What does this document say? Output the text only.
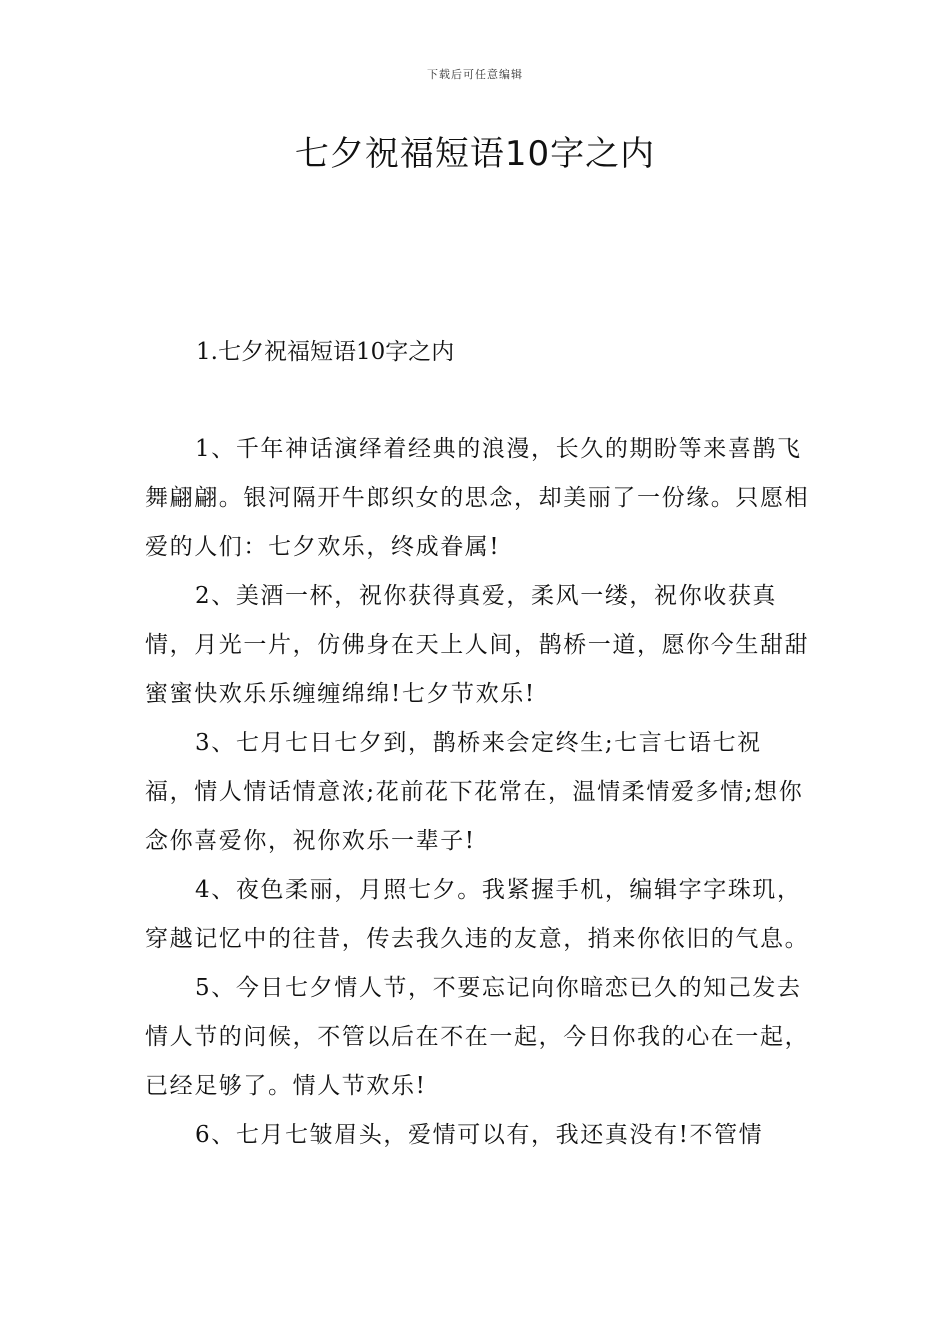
下载后可任意编辑
七夕祝福短语10字之内
1.七夕祝福短语10字之内

1、千年神话演绎着经典的浪漫，长久的期盼等来喜鹊飞舞翩翩。银河隔开牛郎织女的思念，却美丽了一份缘。只愿相爱的人们：七夕欢乐，终成眷属!

2、美酒一杯，祝你获得真爱，柔风一缕，祝你收获真情，月光一片，仿佛身在天上人间，鹊桥一道，愿你今生甜甜蜜蜜快欢乐乐缠缠绵绵!七夕节欢乐!

3、七月七日七夕到，鹊桥来会定终生;七言七语七祝福，情人情话情意浓;花前花下花常在，温情柔情爱多情;想你念你喜爱你，祝你欢乐一辈子!

4、夜色柔丽，月照七夕。我紧握手机，编辑字字珠玑，穿越记忆中的往昔，传去我久违的友意，捎来你依旧的气息。

5、今日七夕情人节，不要忘记向你暗恋已久的知己发去情人节的问候，不管以后在不在一起，今日你我的心在一起，已经足够了。情人节欢乐!

6、七月七皱眉头，爱情可以有，我还真没有!不管情
